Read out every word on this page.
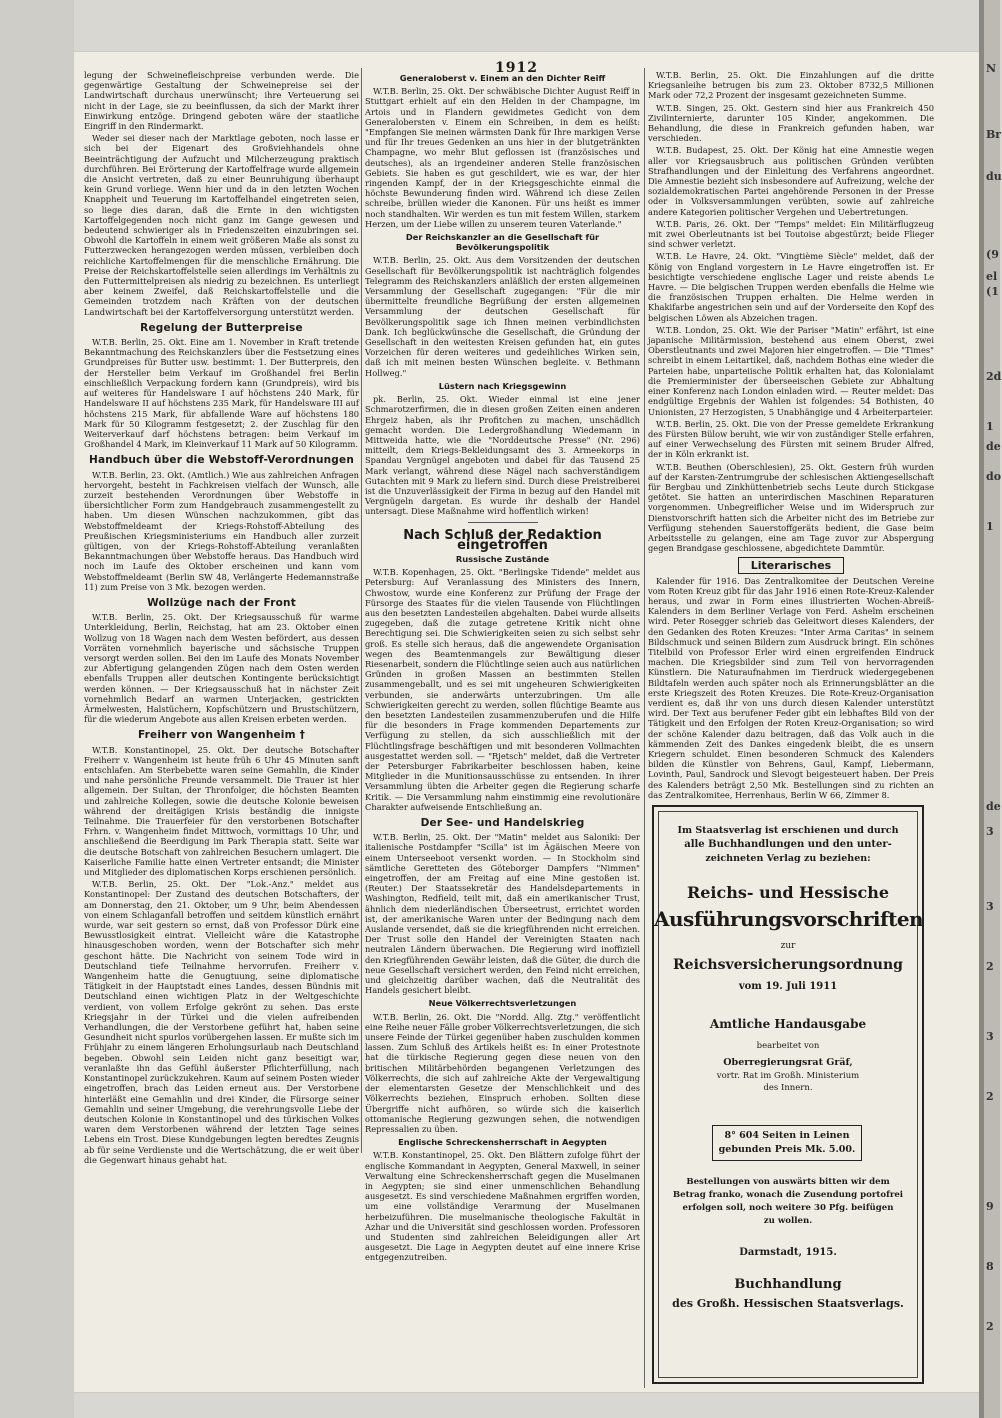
N
Br
du
(9
el
(1
2d
1
de
do
1
de
3
3
2
3
2
9
8
2
1912

legung der Schweinefleischpreise verbunden werde. Die gegenwärtige Gestaltung der Schweinepreise sei der Landwirtschaft durchaus unerwünscht; ihre Verteuerung sei nicht in der Lage, sie zu beeinflussen, da sich der Markt ihrer Einwirkung entzöge. Dringend geboten wäre der staatliche Eingriff in den Rindermarkt.

Weder sei dieser nach der Marktlage geboten, noch lasse er sich bei der Eigenart des Großviehhandels ohne Beeinträchtigung der Aufzucht und Milcherzeugung praktisch durchführen. Bei Erörterung der Kartoffelfrage wurde allgemein die Ansicht vertreten, daß zu einer Beunruhigung überhaupt kein Grund vorliege. Wenn hier und da in den letzten Wochen Knappheit und Teuerung im Kartoffelhandel eingetreten seien, so liege dies daran, daß die Ernte in den wichtigsten Kartoffelgegenden noch nicht ganz im Gange gewesen und bedeutend schwieriger als in Friedenszeiten einzubringen sei. Obwohl die Kartoffeln in einem weit größeren Maße als sonst zu Futterzwecken herangezogen werden müssen, verbleiben doch reichliche Kartoffelmengen für die menschliche Ernährung. Die Preise der Reichskartoffelstelle seien allerdings im Verhältnis zu den Futtermittelpreisen als niedrig zu bezeichnen. Es unterliegt aber keinem Zweifel, daß Reichskartoffelstelle und die Gemeinden trotzdem nach Kräften von der deutschen Landwirtschaft bei der Kartoffelversorgung unterstützt werden.

Regelung der Butterpreise

W.T.B. Berlin, 25. Okt. Eine am 1. November in Kraft tretende Bekanntmachung des Reichskanzlers über die Festsetzung eines Grundpreises für Butter usw. bestimmt: 1. Der Butterpreis, den der Hersteller beim Verkauf im Großhandel frei Berlin einschließlich Verpackung fordern kann (Grundpreis), wird bis auf weiteres für Handelsware I auf höchstens 240 Mark, für Handelsware II auf höchstens 235 Mark, für Handelsware III auf höchstens 215 Mark, für abfallende Ware auf höchstens 180 Mark für 50 Kilogramm festgesetzt; 2. der Zuschlag für den Weiterverkauf darf höchstens betragen: beim Verkauf im Großhandel 4 Mark, im Kleinverkauf 11 Mark auf 50 Kilogramm.

Handbuch über die Webstoff-Verordnungen

W.T.B. Berlin, 23. Okt. (Amtlich.) Wie aus zahlreichen Anfragen hervorgeht, besteht in Fachkreisen vielfach der Wunsch, alle zurzeit bestehenden Verordnungen über Webstoffe in übersichtlicher Form zum Handgebrauch zusammengestellt zu haben. Um diesen Wünschen nachzukommen, gibt das Webstoffmeldeamt der Kriegs-Rohstoff-Abteilung des Preußischen Kriegsministeriums ein Handbuch aller zurzeit gültigen, von der Kriegs-Rohstoff-Abteilung veranlaßten Bekanntmachungen über Webstoffe heraus. Das Handbuch wird noch im Laufe des Oktober erscheinen und kann vom Webstoffmeldeamt (Berlin SW 48, Verlängerte Hedemannstraße 11) zum Preise von 3 Mk. bezogen werden.

Wollzüge nach der Front

W.T.B. Berlin, 25. Okt. Der Kriegsausschuß für warme Unterkleidung, Berlin, Reichstag, hat am 23. Oktober einen Wollzug von 18 Wagen nach dem Westen befördert, aus dessen Vorräten vornehmlich bayerische und sächsische Truppen versorgt werden sollen. Bei den im Laufe des Monats November zur Abfertigung gelangenden Zügen nach dem Osten werden ebenfalls Truppen aller deutschen Kontingente berücksichtigt werden können. — Der Kriegsausschuß hat in nächster Zeit vornehmlich Bedarf an warmen Unterjacken, gestrickten Ärmelwesten, Halstüchern, Kopfschützern und Brustschützern, für die wiederum Angebote aus allen Kreisen erbeten werden.

Freiherr von Wangenheim †

W.T.B. Konstantinopel, 25. Okt. Der deutsche Botschafter Freiherr v. Wangenheim ist heute früh 6 Uhr 45 Minuten sanft entschlafen. Am Sterbebette waren seine Gemahlin, die Kinder und nahe persönliche Freunde versammelt. Die Trauer ist hier allgemein. Der Sultan, der Thronfolger, die höchsten Beamten und zahlreiche Kollegen, sowie die deutsche Kolonie beweisen während der dreitägigen Krisis beständig die innigste Teilnahme. Die Trauerfeier für den verstorbenen Botschafter Frhrn. v. Wangenheim findet Mittwoch, vormittags 10 Uhr, und anschließend die Beerdigung im Park Therapia statt. Seite war die deutsche Botschaft von zahlreichen Besuchern umlagert. Die Kaiserliche Familie hatte einen Vertreter entsandt; die Minister und Mitglieder des diplomatischen Korps erschienen persönlich.

W.T.B. Berlin, 25. Okt. Der "Lok.-Anz." meldet aus Konstantinopel: Der Zustand des deutschen Botschafters, der am Donnerstag, den 21. Oktober, um 9 Uhr, beim Abendessen von einem Schlaganfall betroffen und seitdem künstlich ernährt wurde, war seit gestern so ernst, daß von Professor Dürk eine Bewusstlosigkeit eintrat. Vielleicht wäre die Katastrophe hinausgeschoben worden, wenn der Botschafter sich mehr geschont hätte. Die Nachricht von seinem Tode wird in Deutschland tiefe Teilnahme hervorrufen. Freiherr v. Wangenheim hatte die Genugtuung, seine diplomatische Tätigkeit in der Hauptstadt eines Landes, dessen Bündnis mit Deutschland einen wichtigen Platz in der Weltgeschichte verdient, von vollem Erfolge gekrönt zu sehen. Das erste Kriegsjahr in der Türkei und die vielen aufreibenden Verhandlungen, die der Verstorbene geführt hat, haben seine Gesundheit nicht spurlos vorübergehen lassen. Er mußte sich im Frühjahr zu einem längeren Erholungsurlaub nach Deutschland begeben. Obwohl sein Leiden nicht ganz beseitigt war, veranlaßte ihn das Gefühl äußerster Pflichterfüllung, nach Konstantinopel zurückzukehren. Kaum auf seinem Posten wieder eingetroffen, brach das Leiden erneut aus. Der Verstorbene hinterläßt eine Gemahlin und drei Kinder, die Fürsorge seiner Gemahlin und seiner Umgebung, die verehrungsvolle Liebe der deutschen Kolonie in Konstantinopel und des türkischen Volkes waren dem Verstorbenen während der letzten Tage seines Lebens ein Trost. Diese Kundgebungen legten beredtes Zeugnis ab für seine Verdienste und die Wertschätzung, die er weit über die Gegenwart hinaus gehabt hat.

Generaloberst v. Einem an den Dichter Reiff

W.T.B. Berlin, 25. Okt. Der schwäbische Dichter August Reiff in Stuttgart erhielt auf ein den Helden in der Champagne, im Artois und in Flandern gewidmetes Gedicht von dem Generalobersten v. Einem ein Schreiben, in dem es heißt: "Empfangen Sie meinen wärmsten Dank für Ihre markigen Verse und für Ihr treues Gedenken an uns hier in der blutgetränkten Champagne, wo mehr Blut geflossen ist (französisches und deutsches), als an irgendeiner anderen Stelle französischen Gebiets. Sie haben es gut geschildert, wie es war, der hier ringenden Kampf, der in der Kriegsgeschichte einmal die höchste Bewunderung finden wird. Während ich diese Zeilen schreibe, brüllen wieder die Kanonen. Für uns heißt es immer noch standhalten. Wir werden es tun mit festem Willen, starkem Herzen, um der Liebe willen zu unserem teuren Vaterlande."

Der Reichskanzler an die Gesellschaft für Bevölkerungspolitik

W.T.B. Berlin, 25. Okt. Aus dem Vorsitzenden der deutschen Gesellschaft für Bevölkerungspolitik ist nachträglich folgendes Telegramm des Reichskanzlers anläßlich der ersten allgemeinen Versammlung der Gesellschaft zugegangen: "Für die mir übermittelte freundliche Begrüßung der ersten allgemeinen Versammlung der deutschen Gesellschaft für Bevölkerungspolitik sage ich Ihnen meinen verbindlichsten Dank. Ich beglückwünsche die Gesellschaft, die Gründung der Gesellschaft in den weitesten Kreisen gefunden hat, ein gutes Vorzeichen für deren weiteres und gedeihliches Wirken sein, daß ich mit meinen besten Wünschen begleite. v. Bethmann Hollweg."

Lüstern nach Kriegsgewinn

pk. Berlin, 25. Okt. Wieder einmal ist eine jener Schmarotzerfirmen, die in diesen großen Zeiten einen anderen Ehrgeiz haben, als ihr Profitchen zu machen, unschädlich gemacht worden. Die Ledergroßhandlung Wiedemann in Mittweida hatte, wie die "Norddeutsche Presse" (Nr. 296) mitteilt, dem Kriegs-Bekleidungsamt des 3. Armeekorps in Spandau Vergnügel angeboten und dabei für das Tausend 25 Mark verlangt, während diese Nägel nach sachverständigem Gutachten mit 9 Mark zu liefern sind. Durch diese Preistreiberei ist die Unzuverlässigkeit der Firma in bezug auf den Handel mit Vergnügeln dargetan. Es wurde ihr deshalb der Handel untersagt. Diese Maßnahme wird hoffentlich wirken!

Nach Schluß der Redaktion eingetroffen
Russische Zustände

W.T.B. Kopenhagen, 25. Okt. "Berlingske Tidende" meldet aus Petersburg: Auf Veranlassung des Ministers des Innern, Chwostow, wurde eine Konferenz zur Prüfung der Frage der Fürsorge des Staates für die vielen Tausende von Flüchtlingen aus den besetzten Landesteilen abgehalten. Dabei wurde allseits zugegeben, daß die zutage getretene Kritik nicht ohne Berechtigung sei. Die Schwierigkeiten seien zu sich selbst sehr groß. Es stelle sich heraus, daß die angewendete Organisation wegen des Beamtenmangels zur Bewältigung dieser Riesenarbeit, sondern die Flüchtlinge seien auch aus natürlichen Gründen in großen Massen an bestimmten Stellen zusammengeballt, und es sei mit ungeheuren Schwierigkeiten verbunden, sie anderwärts unterzubringen. Um alle Schwierigkeiten gerecht zu werden, sollen flüchtige Beamte aus den besetzten Landesteilen zusammenzuberufen und die Hilfe für die besonders in Frage kommenden Departements zur Verfügung zu stellen, da sich ausschließlich mit der Flüchtlingsfrage beschäftigen und mit besonderen Vollmachten ausgestattet werden soll. — "Rjetsch" meldet, daß die Vertreter der Petersburger Fabrikarbeiter beschlossen haben, keine Mitglieder in die Munitionsausschüsse zu entsenden. In ihrer Versammlung übten die Arbeiter gegen die Regierung scharfe Kritik. — Die Versammlung nahm einstimmig eine revolutionäre Charakter aufweisende Entschließung an.

Der See- und Handelskrieg

W.T.B. Berlin, 25. Okt. Der "Matin" meldet aus Saloniki: Der italienische Postdampfer "Scilla" ist im Ägäischen Meere von einem Unterseeboot versenkt worden. — In Stockholm sind sämtliche Geretteten des Göteborger Dampfers "Nimmen" eingetroffen, der am Freitag auf eine Mine gestoßen ist. (Reuter.) Der Staatssekretär des Handelsdepartements in Washington, Redfield, teilt mit, daß ein amerikanischer Trust, ähnlich dem niederländischen Überseetrust, errichtet worden ist, der amerikanische Waren unter der Bedingung nach dem Auslande versendet, daß sie die kriegführenden nicht erreichen. Der Trust solle den Handel der Vereinigten Staaten nach neutralen Ländern überwachen. Die Regierung wird inoffiziell den Kriegführenden Gewähr leisten, daß die Güter, die durch die neue Gesellschaft versichert werden, den Feind nicht erreichen, und gleichzeitig darüber wachen, daß die Neutralität des Handels gesichert bleibt.

Neue Völkerrechtsverletzungen

W.T.B. Berlin, 26. Okt. Die "Nordd. Allg. Ztg." veröffentlicht eine Reihe neuer Fälle grober Völkerrechtsverletzungen, die sich unsere Feinde der Türkei gegenüber haben zuschulden kommen lassen. Zum Schluß des Artikels heißt es: In einer Protestnote hat die türkische Regierung gegen diese neuen von den britischen Militärbehörden begangenen Verletzungen des Völkerrechts, die sich auf zahlreiche Akte der Vergewaltigung der elementarsten Gesetze der Menschlichkeit und des Völkerrechts beziehen, Einspruch erhoben. Sollten diese Übergriffe nicht aufhören, so würde sich die kaiserlich ottomanische Regierung gezwungen sehen, die notwendigen Repressalien zu üben.

Englische Schreckensherrschaft in Aegypten

W.T.B. Konstantinopel, 25. Okt. Den Blättern zufolge führt der englische Kommandant in Aegypten, General Maxwell, in seiner Verwaltung eine Schreckensherrschaft gegen die Muselmanen in Aegypten; sie sind einer unmenschlichen Behandlung ausgesetzt. Es sind verschiedene Maßnahmen ergriffen worden, um eine vollständige Verarmung der Muselmanen herbeizuführen. Die muselmanische theologische Fakultät in Azhar und die Universität sind geschlossen worden. Professoren und Studenten sind zahlreichen Beleidigungen aller Art ausgesetzt. Die Lage in Aegypten deutet auf eine innere Krise entgegenzutreiben.

W.T.B. Berlin, 25. Okt. Die Einzahlungen auf die dritte Kriegsanleihe betrugen bis zum 23. Oktober 8732,5 Millionen Mark oder 72,2 Prozent der insgesamt gezeichneten Summe.

W.T.B. Singen, 25. Okt. Gestern sind hier aus Frankreich 450 Zivilinternierte, darunter 105 Kinder, angekommen. Die Behandlung, die diese in Frankreich gefunden haben, war verschieden.

W.T.B. Budapest, 25. Okt. Der König hat eine Amnestie wegen aller vor Kriegsausbruch aus politischen Gründen verübten Strafhandlungen und der Einleitung des Verfahrens angeordnet. Die Amnestie bezieht sich insbesondere auf Aufreizung, welche der sozialdemokratischen Partei angehörende Personen in der Presse oder in Volksversammlungen verübten, sowie auf zahlreiche andere Kategorien politischer Vergehen und Uebertretungen.

W.T.B. Paris, 26. Okt. Der "Temps" meldet: Ein Militärflugzeug mit zwei Oberleutnants ist bei Toutoise abgestürzt; beide Flieger sind schwer verletzt.

W.T.B. Le Havre, 24. Okt. "Vingtième Siècle" meldet, daß der König von England vorgestern in Le Havre eingetroffen ist. Er besichtigte verschiedene englische Lager und reiste abends Le Havre. — Die belgischen Truppen werden ebenfalls die Helme wie die französischen Truppen erhalten. Die Helme werden in Khakifarbe angestrichen sein und auf der Vorderseite den Kopf des belgischen Löwen als Abzeichen tragen.

W.T.B. London, 25. Okt. Wie der Pariser "Matin" erfährt, ist eine japanische Militärmission, bestehend aus einem Oberst, zwei Oberstleutnants und zwei Majoren hier eingetroffen. — Die "Times" schreibt in einem Leitartikel, daß, nachdem Bothas eine wieder die Parteien habe, unparteiische Politik erhalten hat, das Kolonialamt die Premierminister der überseeischen Gebiete zur Abhaltung einer Konferenz nach London einladen wird. — Reuter meldet: Das endgültige Ergebnis der Wahlen ist folgendes: 54 Bothisten, 40 Unionisten, 27 Herzogisten, 5 Unabhängige und 4 Arbeiterparteier.

W.T.B. Berlin, 25. Okt. Die von der Presse gemeldete Erkrankung des Fürsten Bülow beruht, wie wir von zuständiger Stelle erfahren, auf einer Verwechselung des Fürsten mit seinem Bruder Alfred, der in Köln erkrankt ist.

W.T.B. Beuthen (Oberschlesien), 25. Okt. Gestern früh wurden auf der Karsten-Zentrumgrube der schlesischen Aktiengesellschaft für Bergbau und Zinkhüttenbetrieb sechs Leute durch Stickgase getötet. Sie hatten an unterirdischen Maschinen Reparaturen vorgenommen. Unbegreiflicher Weise und im Widerspruch zur Dienstvorschrift hatten sich die Arbeiter nicht des im Betriebe zur Verfügung stehenden Sauerstoffgeräts bedient, die Gase beim Arbeitsstelle zu gelangen, eine am Tage zuvor zur Abspergung gegen Brandgase geschlossene, abgedichtete Dammtür.

Literarisches

Kalender für 1916. Das Zentralkomitee der Deutschen Vereine vom Roten Kreuz gibt für das Jahr 1916 einen Rote-Kreuz-Kalender heraus, und zwar in Form eines illustrierten Wochen-Abreiß-Kalenders in dem Berliner Verlage von Ferd. Ashelm erscheinen wird. Peter Rosegger schrieb das Geleitwort dieses Kalenders, der den Gedanken des Roten Kreuzes: "Inter Arma Caritas" in seinem Bildschmuck und seinen Bildern zum Ausdruck bringt. Ein schönes Titelbild von Professor Erler wird einen ergreifenden Eindruck machen. Die Kriegsbilder sind zum Teil von hervorragenden Künstlern. Die Naturaufnahmen im Tierdruck wiedergegebenen Bildtafeln werden auch später noch als Erinnerungsblätter an die erste Kriegszeit des Roten Kreuzes. Die Rote-Kreuz-Organisation verdient es, daß ihr von uns durch diesen Kalender unterstützt wird. Der Text aus berufener Feder gibt ein lebhaftes Bild von der Tätigkeit und den Erfolgen der Roten Kreuz-Organisation; so wird der schöne Kalender dazu beitragen, daß das Volk auch in die kämmenden Zeit des Dankes eingedenk bleibt, die es unsern Kriegern schuldet. Einen besonderen Schmuck des Kalenders bilden die Künstler von Behrens, Gaul, Kampf, Liebermann, Lovinth, Paul, Sandrock und Slevogt beigesteuert haben. Der Preis des Kalenders beträgt 2,50 Mk. Bestellungen sind zu richten an das Zentralkomitee, Herrenhaus, Berlin W 66, Zimmer 8.

Im Staatsverlag ist erschienen und durch
alle Buchhandlungen und den unter-
zeichneten Verlag zu beziehen:
Reichs- und Hessische
Ausführungsvorschriften
zur
Reichsversicherungsordnung
vom 19. Juli 1911
Amtliche Handausgabe
bearbeitet von
Oberregierungsrat Gräf,
vortr. Rat im Großh. Ministerium
des Innern.
8° 604 Seiten in Leinen
gebunden Preis Mk. 5.00.
Bestellungen von auswärts bitten wir dem
Betrag franko, wonach die Zusendung portofrei
erfolgen soll, noch weitere 30 Pfg. beifügen
zu wollen.
Darmstadt, 1915.
Buchhandlung
des Großh. Hessischen Staatsverlags.
